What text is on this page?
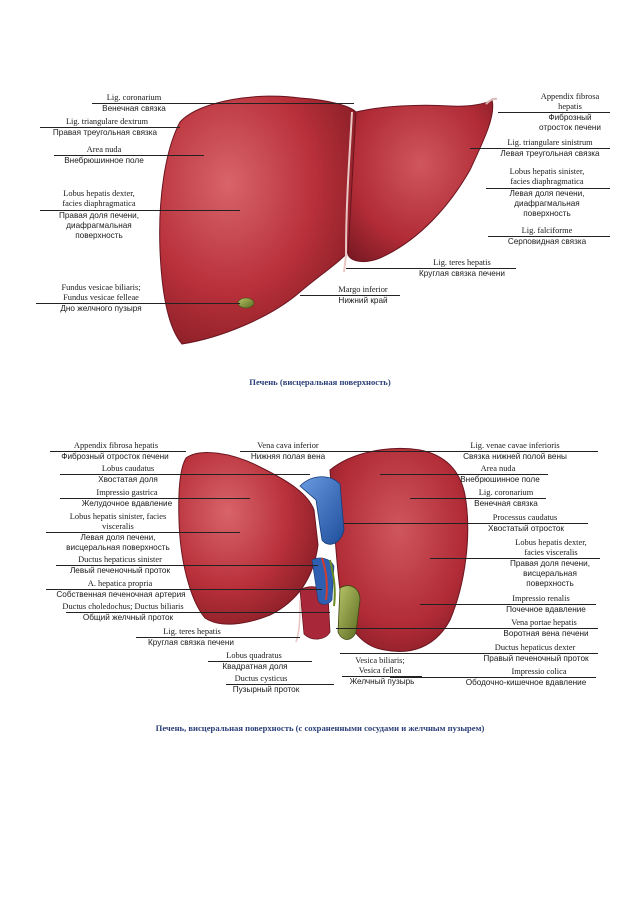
Lig. coronarium
Венечная связка
Lig. triangulare dextrum
Правая треугольная связка
Area nuda
Внебрюшинное поле
Lobus hepatis dexter,
facies diaphragmatica
Правая доля печени,
диафрагмальная
поверхность
Fundus vesicae biliaris;
Fundus vesicae felleae
Дно желчного пузыря
Appendix fibrosa
hepatis
Фиброзный
отросток печени
Lig. triangulare sinistrum
Левая треугольная связка
Lobus hepatis sinister,
facies diaphragmatica
Левая доля печени,
диафрагмальная
поверхность
Lig. falciforme
Серповидная связка
Lig. teres hepatis
Круглая связка печени
Margo inferior
Нижний край
Печень (висцеральная поверхность)
Appendix fibrosa hepatis
Фиброзный отросток печени
Lobus caudatus
Хвостатая доля
Impressio gastrica
Желудочное вдавление
Lobus hepatis sinister, facies
visceralis
Левая доля печени,
висцеральная поверхность
Ductus hepaticus sinister
Левый печеночный проток
A. hepatica propria
Собственная печеночная артерия
Ductus choledochus; Ductus biliaris
Общий желчный проток
Lig. teres hepatis
Круглая связка печени
Lobus quadratus
Квадратная доля
Ductus cysticus
Пузырный проток
Vena cava inferior
Нижняя полая вена
Vesica biliaris;
Vesica fellea
Желчный пузырь
Lig. venae cavae inferioris
Связка нижней полой вены
Area nuda
Внебрюшинное поле
Lig. coronarium
Венечная связка
Processus caudatus
Хвостатый отросток
Lobus hepatis dexter,
facies visceralis
Правая доля печени,
висцеральная
поверхность
Impressio renalis
Почечное вдавление
Vena portae hepatis
Воротная вена печени
Ductus hepaticus dexter
Правый печеночный проток
Impressio colica
Ободочно-кишечное вдавление
Печень, висцеральная поверхность (с сохраненными сосудами и желчным пузырем)
